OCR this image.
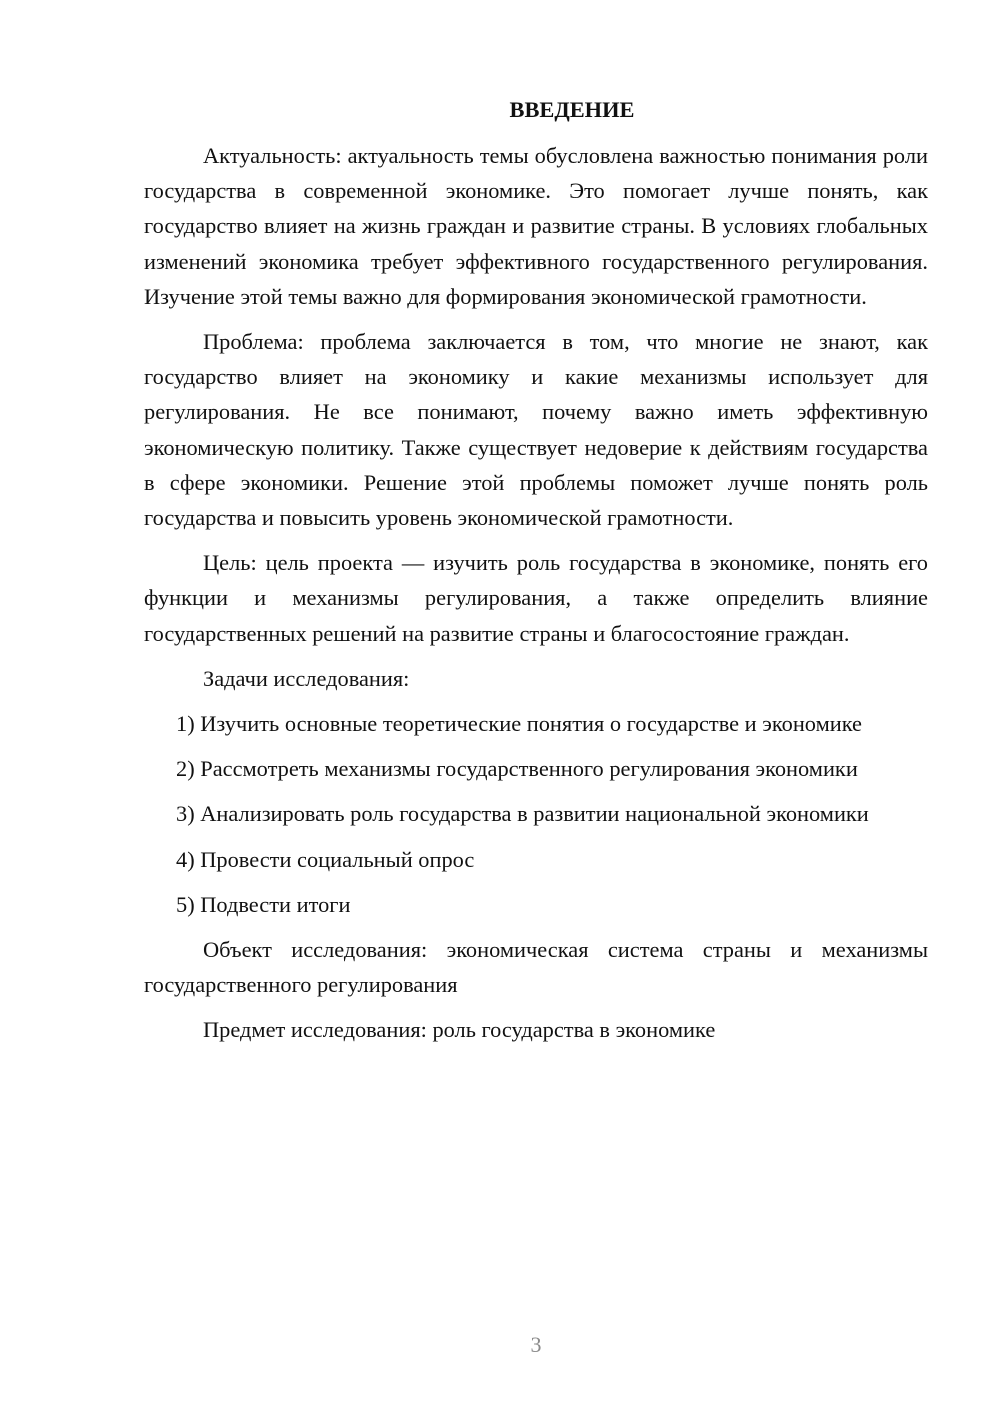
ВВЕДЕНИЕ

Актуальность: актуальность темы обусловлена важностью понимания роли государства в современной экономике. Это помогает лучше понять, как государство влияет на жизнь граждан и развитие страны. В условиях глобальных изменений экономика требует эффективного государственного регулирования. Изучение этой темы важно для формирования экономической грамотности.

Проблема: проблема заключается в том, что многие не знают, как государство влияет на экономику и какие механизмы использует для регулирования. Не все понимают, почему важно иметь эффективную экономическую политику. Также существует недоверие к действиям государства в сфере экономики. Решение этой проблемы поможет лучше понять роль государства и повысить уровень экономической грамотности.

Цель: цель проекта — изучить роль государства в экономике, понять его функции и механизмы регулирования, а также определить влияние государственных решений на развитие страны и благосостояние граждан.

Задачи исследования:

1) Изучить основные теоретические понятия о государстве и экономике

2) Рассмотреть механизмы государственного регулирования экономики

3) Анализировать роль государства в развитии национальной экономики

4) Провести социальный опрос

5) Подвести итоги

Объект исследования: экономическая система страны и механизмы государственного регулирования

Предмет исследования: роль государства в экономике

3
